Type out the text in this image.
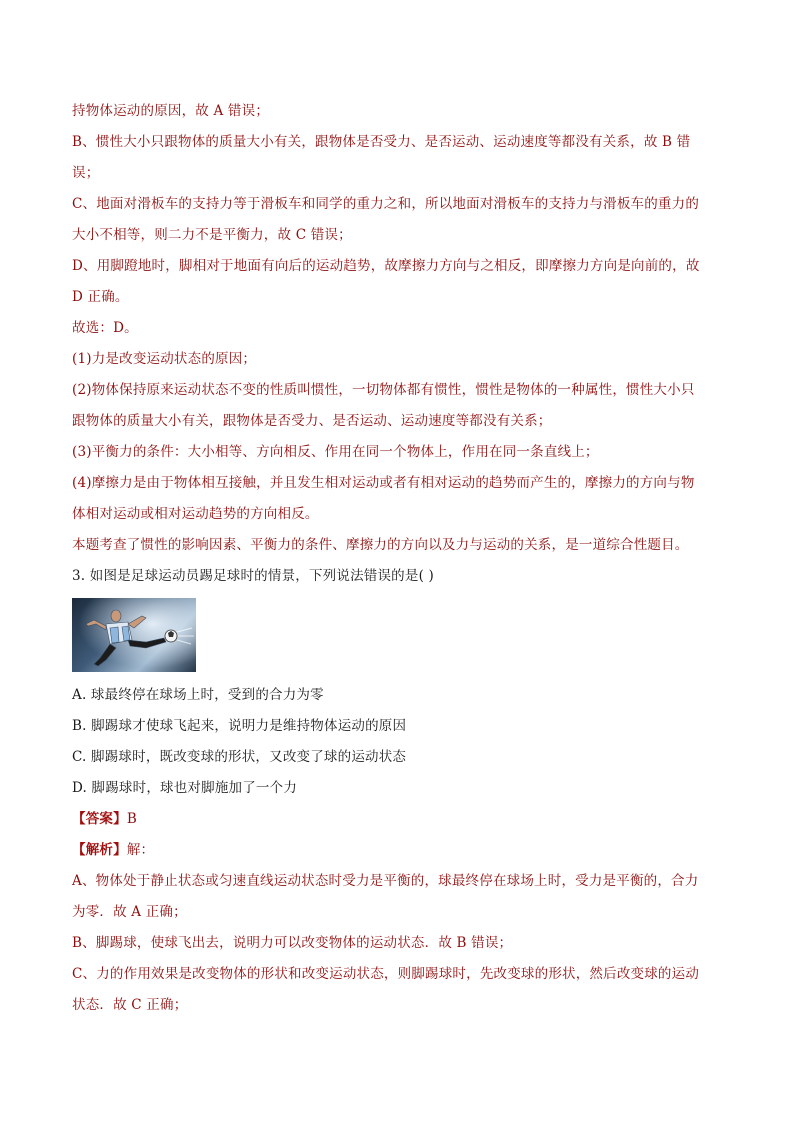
持物体运动的原因，故 A 错误；
B、惯性大小只跟物体的质量大小有关，跟物体是否受力、是否运动、运动速度等都没有关系，故 B 错
误；
C、地面对滑板车的支持力等于滑板车和同学的重力之和，所以地面对滑板车的支持力与滑板车的重力的
大小不相等，则二力不是平衡力，故 C 错误；
D、用脚蹬地时，脚相对于地面有向后的运动趋势，故摩擦力方向与之相反，即摩擦力方向是向前的，故
D 正确。
故选：D。
(1)力是改变运动状态的原因；
(2)物体保持原来运动状态不变的性质叫惯性，一切物体都有惯性，惯性是物体的一种属性，惯性大小只
跟物体的质量大小有关，跟物体是否受力、是否运动、运动速度等都没有关系；
(3)平衡力的条件：大小相等、方向相反、作用在同一个物体上，作用在同一条直线上；
(4)摩擦力是由于物体相互接触，并且发生相对运动或者有相对运动的趋势而产生的，摩擦力的方向与物
体相对运动或相对运动趋势的方向相反。
本题考查了惯性的影响因素、平衡力的条件、摩擦力的方向以及力与运动的关系，是一道综合性题目。
3. 如图是足球运动员踢足球时的情景，下列说法错误的是( )
A. 球最终停在球场上时，受到的合力为零
B. 脚踢球才使球飞起来，说明力是维持物体运动的原因
C. 脚踢球时，既改变球的形状，又改变了球的运动状态
D. 脚踢球时，球也对脚施加了一个力
【答案】B
【解析】解：
A、物体处于静止状态或匀速直线运动状态时受力是平衡的，球最终停在球场上时，受力是平衡的，合力
为零．故 A 正确；
B、脚踢球，使球飞出去，说明力可以改变物体的运动状态．故 B 错误；
C、力的作用效果是改变物体的形状和改变运动状态，则脚踢球时，先改变球的形状，然后改变球的运动
状态．故 C 正确；
